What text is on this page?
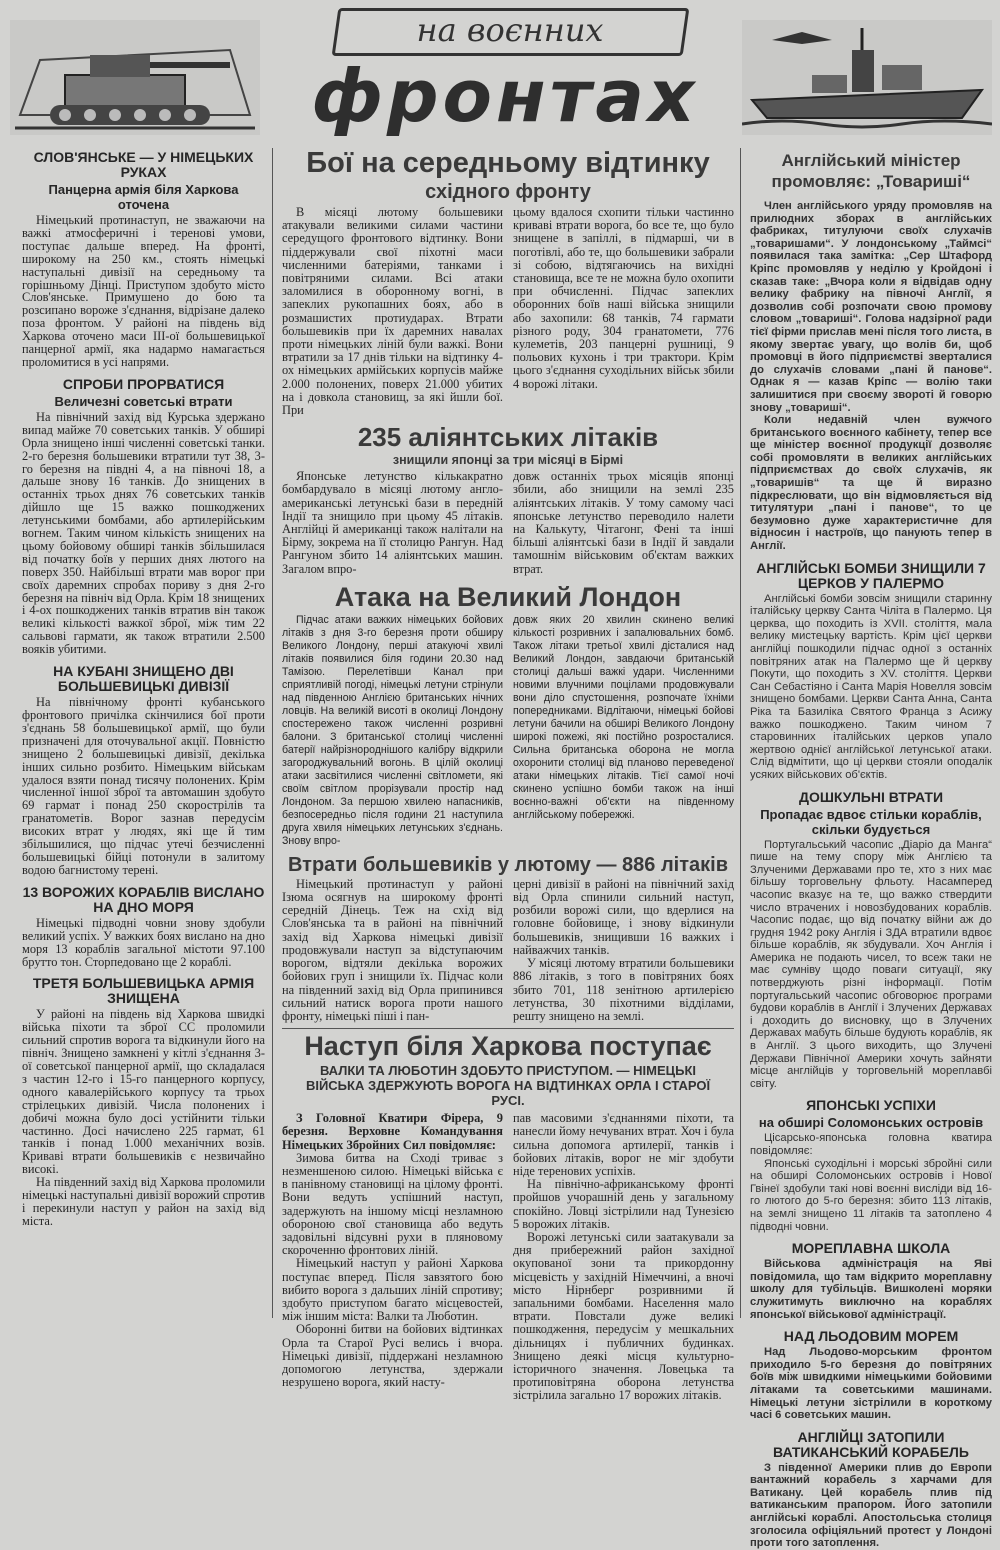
на воєнних
фронтах
СЛОВ'ЯНСЬКЕ — У НІМЕЦЬКИХ РУКАХ
Панцерна армія біля Харкова оточена

Німецький протинаступ, не зважаючи на важкі атмосферичні і теренові умови, поступає дальше вперед. На фронті, широкому на 250 км., стоять німецькі наступальні дивізії на середньому та горішньому Дінці. Приступом здобуто місто Слов'янське. Примушено до бою та розсипано вороже з'єднання, відрізане далеко поза фронтом. У районі на південь від Харкова оточено маси ІІІ-ої большевицької панцерної армії, яка надармо намагається проломитися в усі напрями.

СПРОБИ ПРОРВАТИСЯ
Величезні советські втрати

На північний захід від Курська здержано випад майже 70 советських танків. У обширі Орла знищено інші численні советські танки. 2-го березня большевики втратили тут 38, 3-го березня на півдні 4, а на півночі 18, а дальше знову 16 танків. До знищених в останніх трьох днях 76 советських танків дійшло ще 15 важко пошкоджених летунськими бомбами, або артилерійським вогнем. Таким чином кількість знищених на цьому бойовому обширі танків збільшилася від початку боїв у перших днях лютого на поверх 350. Найбільші втрати мав ворог при своїх даремних спробах пориву з дня 2-го березня на північ від Орла. Крім 18 знищених і 4-ох пошкоджених танків втратив він також великі кількості важкої зброї, між тим 22 сальвові гармати, як також втратили 2.500 вояків убитими.

НА КУБАНІ ЗНИЩЕНО ДВІ БОЛЬШЕВИЦЬКІ ДИВІЗІЇ

На північному фронті кубанського фронтового причілка скінчилися бої проти з'єднань 58 большевицької армії, що були призначені для оточувальної акції. Повністю знищено 2 большевицькі дивізії, декілька інших сильно розбито. Німецьким військам удалося взяти понад тисячу полонених. Крім численної іншої зброї та автомашин здобуто 69 гармат і понад 250 скорострілів та гранатометів. Ворог зазнав передусім високих втрат у людях, які ще й тим збільшилися, що підчас утечі безчисленні большевицькі бійці потонули в залитому водою багнистому терені.

13 ВОРОЖИХ КОРАБЛІВ ВИСЛАНО НА ДНО МОРЯ

Німецькі підводні човни знову здобули великий успіх. У важких боях вислано на дно моря 13 кораблів загальної містоти 97.100 брутто тон. Сторпедовано ще 2 кораблі.

ТРЕТЯ БОЛЬШЕВИЦЬКА АРМІЯ ЗНИЩЕНА

У районі на південь від Харкова швидкі війська піхоти та зброї СС проломили сильний спротив ворога та відкинули його на північ. Знищено замкнені у кітлі з'єднання 3-ої советської панцерної армії, що складалася з частин 12-го і 15-го панцерного корпусу, одного кавалерійського корпусу та трьох стрілецьких дивізій. Числа полонених і добичі можна було досі устійнити тільки частинно. Досі начислено 225 гармат, 61 танків і понад 1.000 механічних возів. Криваві втрати большевиків є незвичайно високі.

На південний захід від Харкова проломили німецькі наступальні дивізії ворожий спротив і перекинули наступ у район на захід від міста.

Бої на середньому відтинку
східного фронту

В місяці лютому большевики атакували великими силами частини середущого фронтового відтинку. Вони піддержували свої піхотні маси численними батеріями, танками і повітряними силами. Всі атаки заломилися в оборонному вогні, в запеклих рукопашних боях, або в розмашистих протиударах. Втрати большевиків при їх даремних навалах проти німецьких ліній були важкі. Вони втратили за 17 днів тільки на відтинку 4-ох німецьких армійських корпусів майже 2.000 полонених, поверх 21.000 убитих на і довкола становищ, за які йшли бої. При

цьому вдалося схопити тільки частинно криваві втрати ворога, бо все те, що було знищене в запіллі, в підмарші, чи в поготівлі, або те, що большевики забрали зі собою, відтягаючись на вихідні становища, все те не можна було охопити при обчисленні. Підчас запеклих оборонних боїв наші війська знищили або захопили: 68 танків, 74 гармати різного роду, 304 гранатомети, 776 кулеметів, 203 панцерні рушниці, 9 польових кухонь і три трактори. Крім цього з'єднання суходільних військ збили 4 ворожі літаки.

235 аліянтських літаків
знищили японці за три місяці в Бірмі

Японське летунство кількакратно бомбардувало в місяці лютому англо-американські летунські бази в передній Індії та знищило при цьому 45 літаків. Англійці й американці також налітали на Бірму, зокрема на її столицю Рангун. Над Рангуном збито 14 аліянтських машин. Загалом впро-

довж останніх трьох місяців японці збили, або знищили на землі 235 аліянтських літаків. У тому самому часі японське летунство переводило налети на Калькуту, Чітагонг, Фені та інші більші аліянтські бази в Індії й завдали тамошнім військовим об'єктам важких втрат.

Атака на Великий Лондон

Підчас атаки важких німецьких бойових літаків з дня 3-го березня проти обширу Великого Лондону, перші атакуючі хвилі літаків появилися біля години 20.30 над Тамізою. Перелетівши Канал при сприятливій погоді, німецькі летуни стрінули над південною Англією британських нічних ловців. На великій висоті в околиці Лондону спостережено також численні розривні балони. З британської столиці численні батерії найрізнороднішого калібру відкрили загороджувальний вогонь. В цілій околиці атаки засвітилися численні світломети, які своїм світлом прорізували простір над Лондоном. За першою хвилею напасників, безпосередньо після години 21 наступила друга хвиля німецьких летунських з'єднань. Знову впро-

довж яких 20 хвилин скинено великі кількості розривних і запалювальних бомб. Також літаки третьої хвилі дісталися над Великий Лондон, завдаючи британській столиці дальші важкі удари. Численними новими влучними поцілами продовжували вони діло спустошення, розпочате їхніми попередниками. Відлітаючи, німецькі бойові летуни бачили на обширі Великого Лондону широкі пожежі, які постійно розросталися. Сильна британська оборона не могла охоронити столиці від планово переведеної атаки німецьких літаків. Тієї самої ночі скинено успішно бомби також на інші воєнно-важні об'єкти на південному англійському побережжі.

Втрати большевиків у лютому — 886 літаків

Німецький протинаступ у районі Ізюма осягнув на широкому фронті середній Дінець. Теж на схід від Слов'янська та в районі на північний захід від Харкова німецькі дивізії продовжували наступ за відступаючим ворогом, відтяли декілька ворожих бойових груп і знищили їх. Підчас коли на південний захід від Орла припинився сильний натиск ворога проти нашого фронту, німецькі піші і пан-

церні дивізії в районі на північний захід від Орла спинили сильний наступ, розбили ворожі сили, що вдерлися на головне бойовище, і знову відкинули большевиків, знищивши 16 важких і найважчих танків.

У місяці лютому втратили большевики 886 літаків, з того в повітряних боях збито 701, 118 зенітною артилерією летунства, 30 піхотними відділами, решту знищено на землі.

Наступ біля Харкова поступає
ВАЛКИ ТА ЛЮБОТИН ЗДОБУТО ПРИСТУПОМ. — НІМЕЦЬКІ ВІЙСЬКА ЗДЕРЖУЮТЬ ВОРОГА НА ВІДТИНКАХ ОРЛА І СТАРОЇ РУСІ.

З Головної Кватири Фірера, 9 березня. Верховне Командування Німецьких Збройних Сил повідомляє:

Зимова битва на Сході триває з незменшеною силою. Німецькі війська є в панівному становищі на цілому фронті. Вони ведуть успішний наступ, задержують на іншому місці незламною обороною свої становища або ведуть задовільні відсувні рухи в пляновому скороченню фронтових ліній.

Німецький наступ у районі Харкова поступає вперед. Після завзятого бою вибито ворога з дальших ліній спротиву; здобуто приступом багато місцевостей, між іншим міста: Валки та Люботин.

Оборонні битви на бойових відтинках Орла та Старої Русі велись і вчора. Німецькі дивізії, піддержані незламною допомогою летунства, здержали незрушено ворога, який насту-

пав масовими з'єднаннями піхоти, та нанесли йому нечуваних втрат. Хоч і була сильна допомога артилерії, танків і бойових літаків, ворог не міг здобути ніде теренових успіхів.

На північно-африканському фронті пройшов учорашній день у загальному спокійно. Ловці зістрілили над Тунезією 5 ворожих літаків.

Ворожі летунські сили заатакували за дня прибережний район західної окупованої зони та прикордонну місцевість у західній Німеччині, а вночі місто Нірнберг розривними й запальними бомбами. Населення мало втрати. Повстали дуже великі пошкодження, передусім у мешкальних дільницях і публичних будинках. Знищено деякі місця культурно-історичного значення. Ловецька та протиповітряна оборона летунства зістрілила загально 17 ворожих літаків.

Англійський міністер промовляє: „Товариші“

Член англійського уряду промовляв на прилюдних зборах в англійських фабриках, титулуючи своїх слухачів „товаришами“. У лондонському „Таймсі“ появилася така замітка: „Сер Штафорд Кріпс промовляв у неділю у Кройдоні і сказав таке: „Вчора коли я відвідав одну велику фабрику на півночі Англії, я дозволив собі розпочати свою промову словом „товариші“. Голова надзірної ради тієї фірми прислав мені після того листа, в якому звертає увагу, що волів би, щоб промовці в його підприємстві зверталися до слухачів словами „пані й панове“. Однак я — казав Кріпс — волію таки залишитися при своєму звороті й говорю знову „товариші“.

Коли недавній член вужчого британського воєнного кабінету, тепер все ще міністер воєнної продукції дозволяє собі промовляти в великих англійських підприємствах до своїх слухачів, як „товаришів“ та ще й виразно підкреслювати, що він відмовляється від титулятури „пані і панове“, то це безумовно дуже характеристичне для відносин і настроїв, що панують тепер в Англії.

АНГЛІЙСЬКІ БОМБИ ЗНИЩИЛИ 7 ЦЕРКОВ У ПАЛЕРМО

Англійські бомби зовсім знищили старинну італійську церкву Санта Чіліта в Палермо. Ця церква, що походить із XVII. століття, мала велику мистецьку вартість. Крім цієї церкви англійці пошкодили підчас одної з останніх повітряних атак на Палермо ще й церкву Покути, що походить з XV. століття. Церкви Сан Себастіяно і Санта Марія Новелля зовсім знищено бомбами. Церкви Санта Анна, Санта Ріка та Базиліка Святого Франца з Асижу важко пошкоджено. Таким чином 7 старовинних італійських церков упало жертвою однієї англійської летунської атаки. Слід відмітити, що ці церкви стояли оподалік усяких військових об'єктів.

ДОШКУЛЬНІ ВТРАТИ
Пропадає вдвоє стільки кораблів, скільки будується

Португальський часопис „Діаріо да Манга“ пише на тему спору між Англією та Злученими Державами про те, хто з них має більшу торговельну фльоту. Насамперед часопис вказує на те, що важко ствердити число втрачених і новозбудованих кораблів. Часопис подає, що від початку війни аж до грудня 1942 року Англія і ЗДА втратили вдвоє більше кораблів, як збудували. Хоч Англія і Америка не подають чисел, то всеж таки не має сумніву щодо поваги ситуації, яку потверджують різні інформації. Потім португальський часопис обговорює програми будови кораблів в Англії і Злучених Державах і доходить до висновку, що в Злучених Державах мабуть більше будують кораблів, як в Англії. З цього виходить, що Злучені Держави Північної Америки хочуть зайняти місце англійців у торговельній мореплавбі світу.

ЯПОНСЬКІ УСПІХИ
на обширі Соломонських островів

Цісарсько-японська головна кватира повідомляє:

Японські суходільні і морські збройні сили на обширі Соломонських островів і Нової Гвінеї здобули такі нові воєнні висліди від 16-го лютого до 5-го березня: збито 113 літаків, на землі знищено 11 літаків та затоплено 4 підводні човни.

МОРЕПЛАВНА ШКОЛА

Військова адміністрація на Яві повідомила, що там відкрито мореплавну школу для тубільців. Вишколені моряки служитимуть виключно на кораблях японської військової адміністрації.

НАД ЛЬОДОВИМ МОРЕМ

Над Льодово-морським фронтом приходило 5-го березня до повітряних боїв між швидкими німецькими бойовими літаками та советськими машинами. Німецькі летуни зістрілили в короткому часі 6 советських машин.

АНГЛІЙЦІ ЗАТОПИЛИ ВАТИКАНСЬКИЙ КОРАБЕЛЬ

З південної Америки плив до Европи вантажний корабель з харчами для Ватикану. Цей корабель плив під ватиканським прапором. Його затопили англійські кораблі. Апостольська столиця зголосила офіціяльний протест у Лондоні проти того затоплення.
